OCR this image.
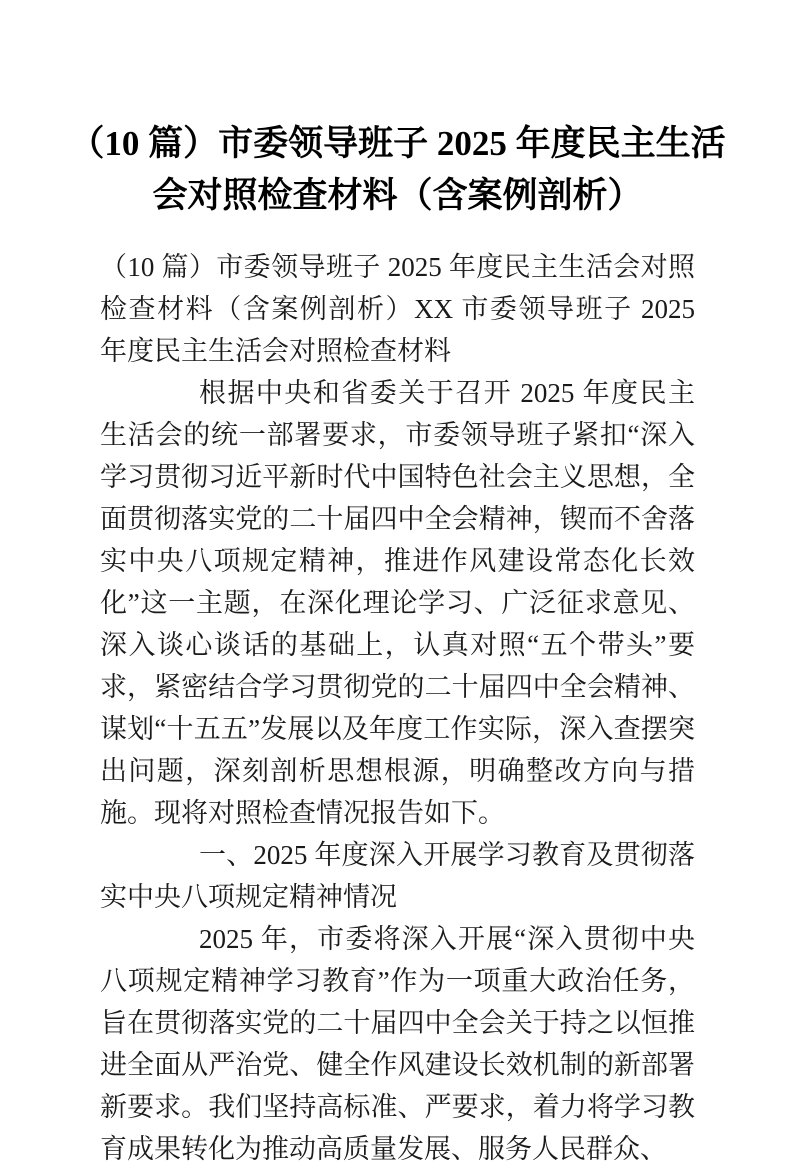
（10 篇）市委领导班子 2025 年度民主生活
会对照检查材料（含案例剖析）

（10 篇）市委领导班子 2025 年度民主生活会对照检查材料（含案例剖析）XX 市委领导班子 2025 年度民主生活会对照检查材料

根据中央和省委关于召开 2025 年度民主生活会的统一部署要求，市委领导班子紧扣“深入学习贯彻习近平新时代中国特色社会主义思想，全面贯彻落实党的二十届四中全会精神，锲而不舍落实中央八项规定精神，推进作风建设常态化长效化”这一主题，在深化理论学习、广泛征求意见、深入谈心谈话的基础上，认真对照“五个带头”要求，紧密结合学习贯彻党的二十届四中全会精神、谋划“十五五”发展以及年度工作实际，深入查摆突出问题，深刻剖析思想根源，明确整改方向与措施。现将对照检查情况报告如下。

一、2025 年度深入开展学习教育及贯彻落实中央八项规定精神情况

2025 年，市委将深入开展“深入贯彻中央八项规定精神学习教育”作为一项重大政治任务，旨在贯彻落实党的二十届四中全会关于持之以恒推进全面从严治党、健全作风建设长效机制的新部署新要求。我们坚持高标准、严要求，着力将学习教育成果转化为推动高质量发展、服务人民群众、
